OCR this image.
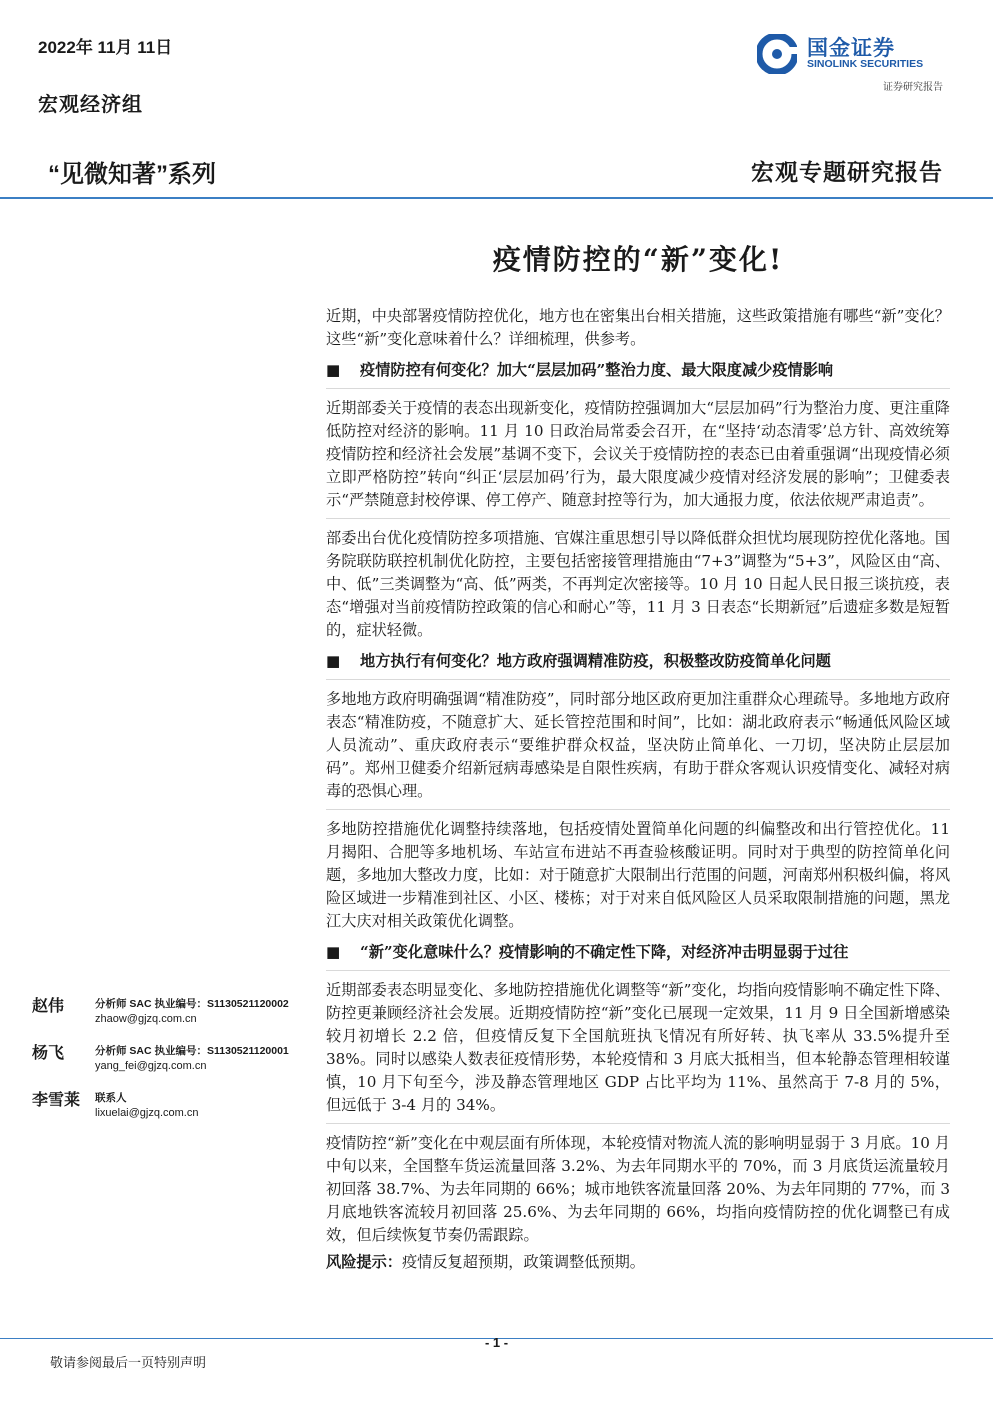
2022年 11月 11日
宏观经济组
“见微知著”系列	宏观专题研究报告
国金证券
SINOLINK SECURITIES
证券研究报告
疫情防控的“新”变化!

近期，中央部署疫情防控优化，地方也在密集出台相关措施，这些政策措施有哪些“新”变化？这些“新”变化意味着什么？详细梳理，供参考。

■	疫情防控有何变化？加大“层层加码”整治力度、最大限度减少疫情影响

近期部委关于疫情的表态出现新变化，疫情防控强调加大“层层加码”行为整治力度、更注重降低防控对经济的影响。11 月 10 日政治局常委会召开，在“坚持‘动态清零’总方针、高效统筹疫情防控和经济社会发展”基调不变下，会议关于疫情防控的表态已由着重强调“出现疫情必须立即严格防控”转向“纠正‘层层加码’行为，最大限度减少疫情对经济发展的影响”；卫健委表示“严禁随意封校停课、停工停产、随意封控等行为，加大通报力度，依法依规严肃追责”。

部委出台优化疫情防控多项措施、官媒注重思想引导以降低群众担忧均展现防控优化落地。国务院联防联控机制优化防控，主要包括密接管理措施由“7+3”调整为“5+3”，风险区由“高、中、低”三类调整为“高、低”两类，不再判定次密接等。10 月 10 日起人民日报三谈抗疫，表态“增强对当前疫情防控政策的信心和耐心”等，11 月 3 日表态“长期新冠”后遗症多数是短暂的，症状轻微。

■	地方执行有何变化？地方政府强调精准防疫，积极整改防疫简单化问题

多地地方政府明确强调“精准防疫”，同时部分地区政府更加注重群众心理疏导。多地地方政府表态“精准防疫，不随意扩大、延长管控范围和时间”，比如：湖北政府表示“畅通低风险区域人员流动”、重庆政府表示“要维护群众权益，坚决防止简单化、一刀切，坚决防止层层加码”。郑州卫健委介绍新冠病毒感染是自限性疾病，有助于群众客观认识疫情变化、减轻对病毒的恐惧心理。

多地防控措施优化调整持续落地，包括疫情处置简单化问题的纠偏整改和出行管控优化。11 月揭阳、合肥等多地机场、车站宣布进站不再查验核酸证明。同时对于典型的防控简单化问题，多地加大整改力度，比如：对于随意扩大限制出行范围的问题，河南郑州积极纠偏，将风险区域进一步精准到社区、小区、楼栋；对于对来自低风险区人员采取限制措施的问题，黑龙江大庆对相关政策优化调整。

■	“新”变化意味什么？疫情影响的不确定性下降，对经济冲击明显弱于过往

近期部委表态明显变化、多地防控措施优化调整等“新”变化，均指向疫情影响不确定性下降、防控更兼顾经济社会发展。近期疫情防控“新”变化已展现一定效果，11 月 9 日全国新增感染较月初增长 2.2 倍，但疫情反复下全国航班执飞情况有所好转、执飞率从 33.5%提升至 38%。同时以感染人数表征疫情形势，本轮疫情和 3 月底大抵相当，但本轮静态管理相较谨慎，10 月下旬至今，涉及静态管理地区 GDP 占比平均为 11%、虽然高于 7-8 月的 5%，但远低于 3-4 月的 34%。

疫情防控“新”变化在中观层面有所体现，本轮疫情对物流人流的影响明显弱于 3 月底。10 月中旬以来，全国整车货运流量回落 3.2%、为去年同期水平的 70%，而 3 月底货运流量较月初回落 38.7%、为去年同期的 66%；城市地铁客流量回落 20%、为去年同期的 77%，而 3 月底地铁客流较月初回落 25.6%、为去年同期的 66%，均指向疫情防控的优化调整已有成效，但后续恢复节奏仍需跟踪。

风险提示：疫情反复超预期，政策调整低预期。
赵伟	分析师 SAC 执业编号：S1130521120002
zhaow@gjzq.com.cn
杨飞	分析师 SAC 执业编号：S1130521120001
yang_fei@gjzq.com.cn
李雪莱 联系人
lixuelai@gjzq.com.cn
- 1 -
敬请参阅最后一页特别声明
